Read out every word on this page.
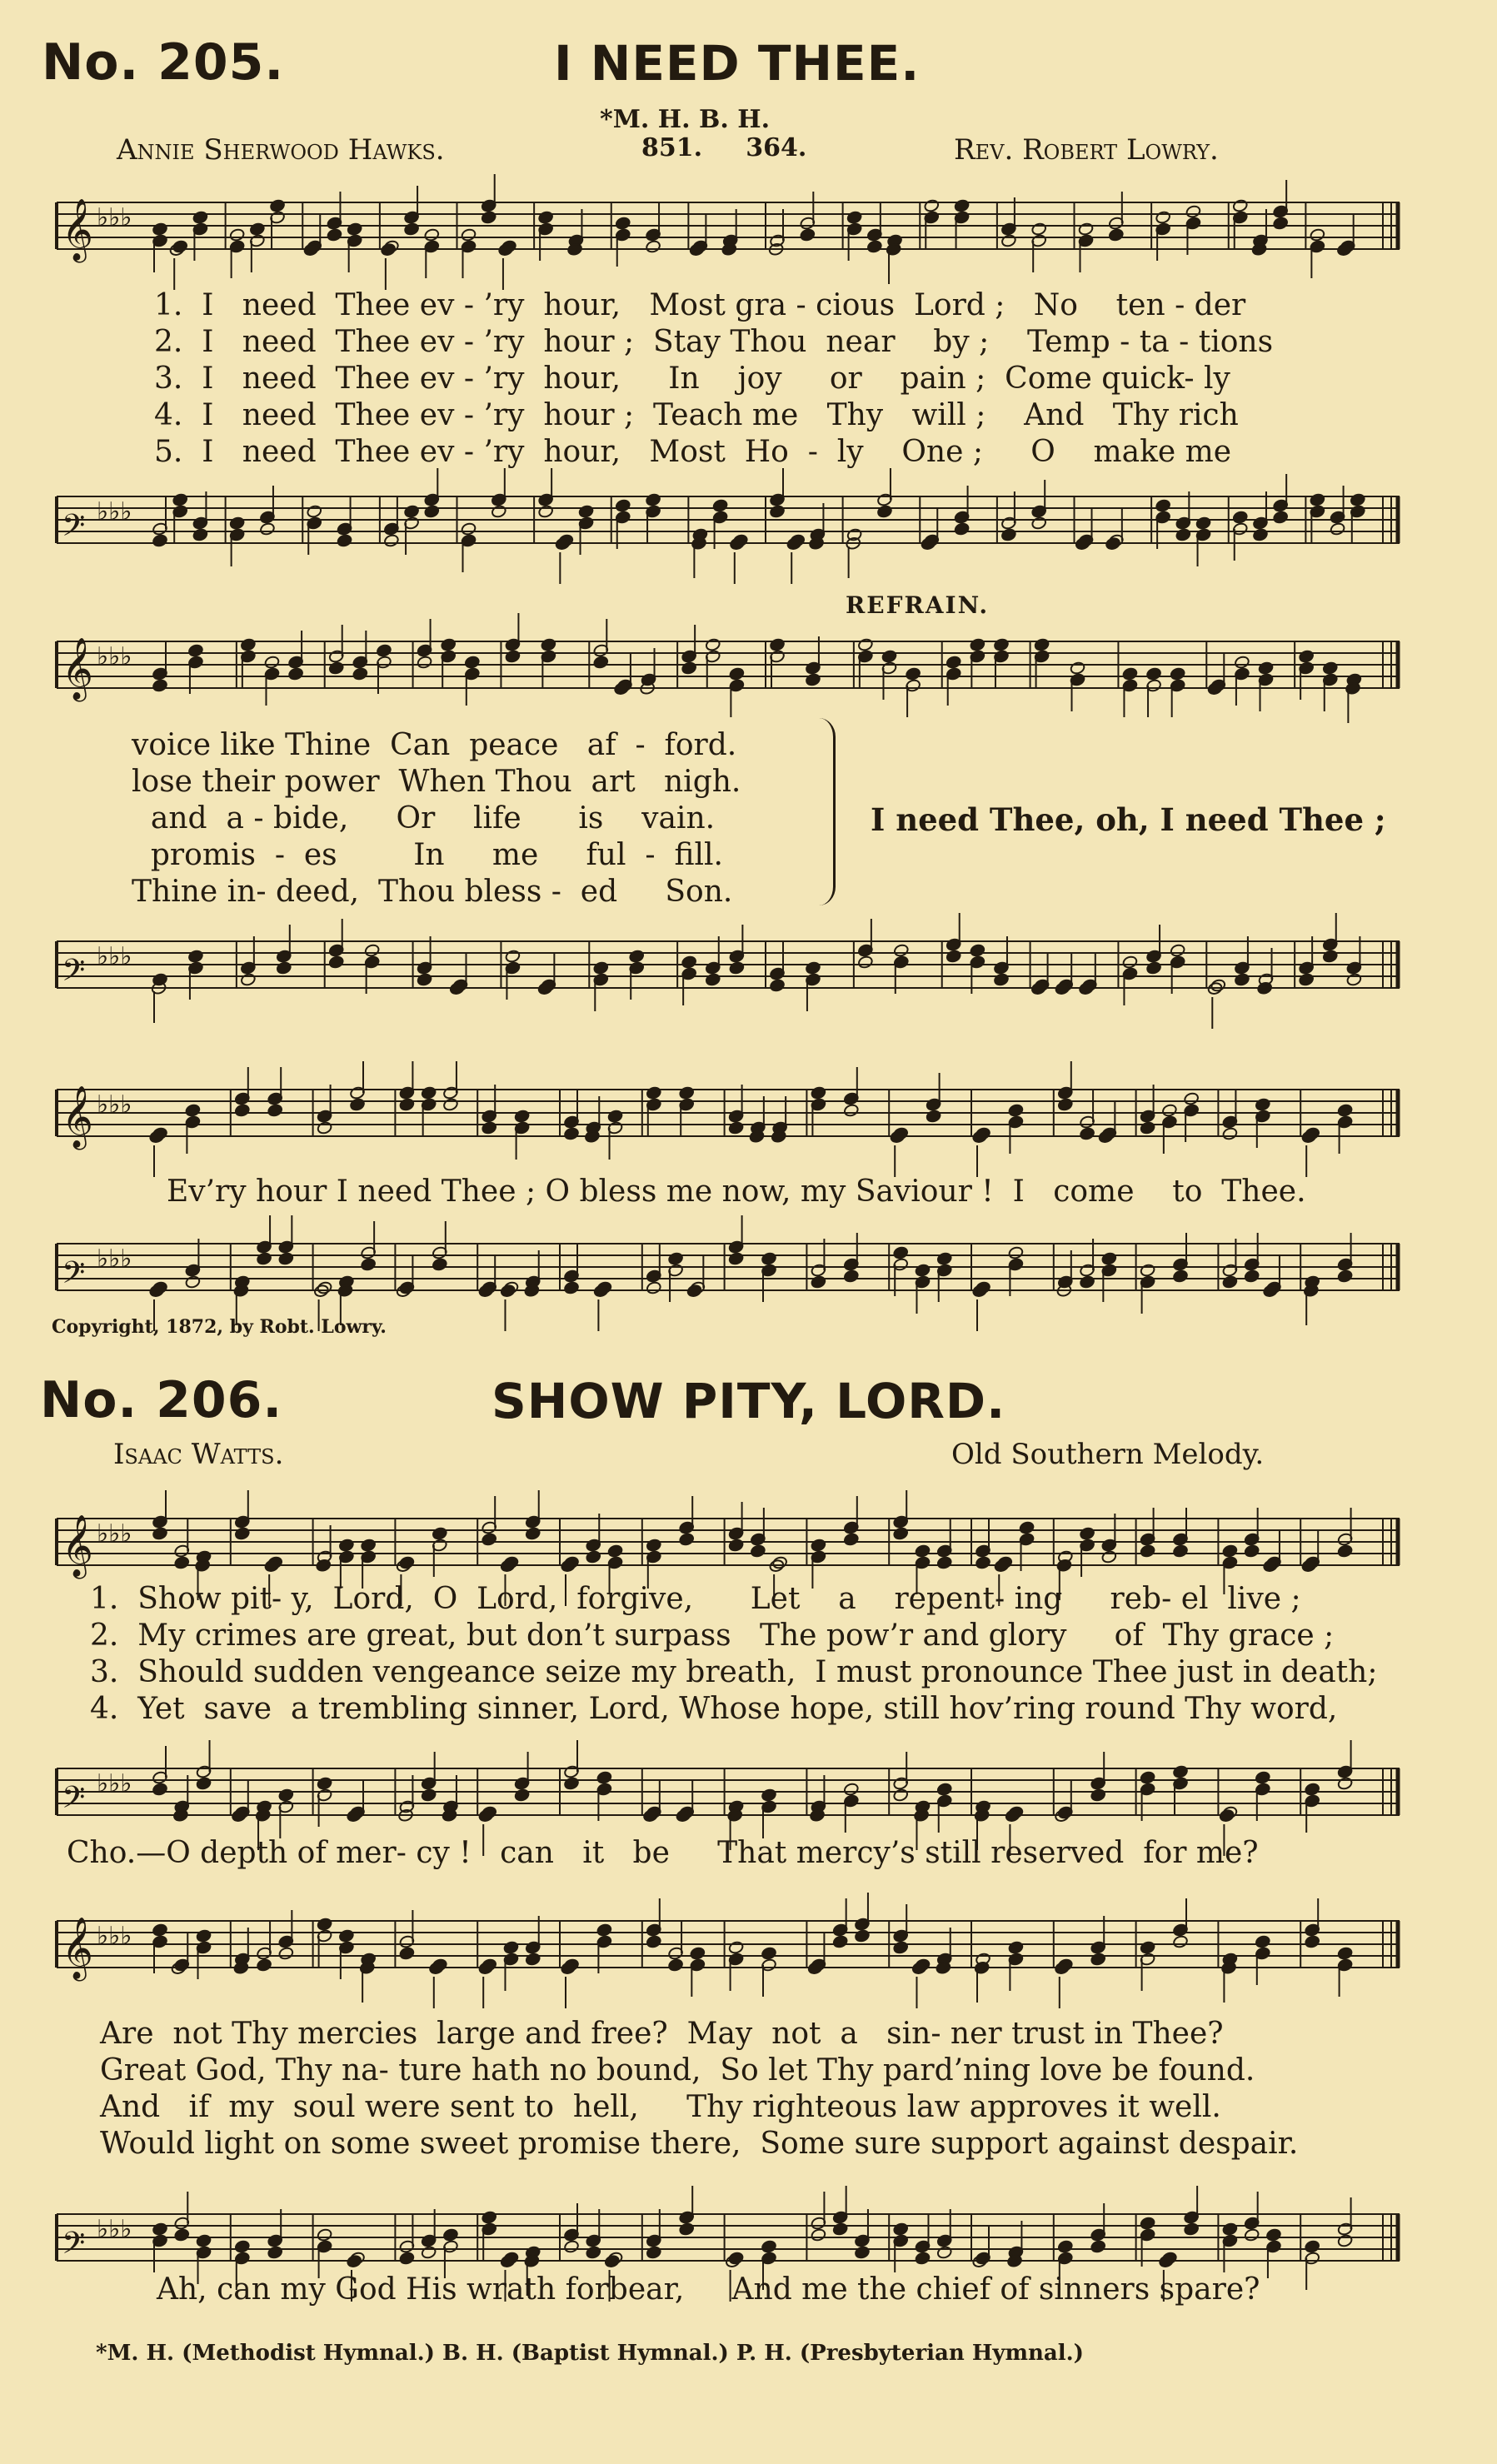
No. 205.	I NEED THEE.
*M. H. B. H.
851.     364.
Annie Sherwood Hawks.	Rev. Robert Lowry.
𝄞 ♭♭♭
1.  I   need  Thee ev - ’ry  hour,   Most gra - cious  Lord ;   No    ten - der
2.  I   need  Thee ev - ’ry  hour ;  Stay Thou  near    by ;    Temp - ta - tions
3.  I   need  Thee ev - ’ry  hour,     In    joy     or    pain ;  Come quick- ly
4.  I   need  Thee ev - ’ry  hour ;  Teach me   Thy   will ;    And   Thy rich
5.  I   need  Thee ev - ’ry  hour,   Most  Ho  -  ly    One ;     O    make me
𝄢 ♭♭♭
REFRAIN.
𝄞 ♭♭♭
voice like Thine  Can  peace   af  -  ford.
lose their power  When Thou  art   nigh.
and  a - bide,     Or    life      is    vain.
promis  -  es        In     me     ful  -  fill.
Thine in- deed,  Thou bless -  ed     Son.
I need Thee, oh, I need Thee ;
𝄢 ♭♭♭
𝄞 ♭♭♭
Ev’ry hour I need Thee ; O bless me now, my Saviour !  I   come    to  Thee.
𝄢 ♭♭♭
Copyright, 1872, by Robt. Lowry.
No. 206.	SHOW PITY, LORD.
Isaac Watts.	Old Southern Melody.
𝄞 ♭♭♭
1.  Show pit- y,  Lord,  O  Lord,  forgive,      Let    a    repent- ing     reb- el  live ;
2.  My crimes are great, but don’t surpass   The pow’r and glory     of  Thy grace ;
3.  Should sudden vengeance seize my breath,  I must pronounce Thee just in death;
4.  Yet  save  a trembling sinner, Lord, Whose hope, still hov’ring round Thy word,
𝄢 ♭♭♭
Cho.—O depth of mer- cy !   can   it   be     That mercy’s still reserved  for me?
𝄞 ♭♭♭
Are  not Thy mercies  large and free?  May  not  a   sin- ner trust in Thee?
Great God, Thy na- ture hath no bound,  So let Thy pard’ning love be found.
And   if  my  soul were sent to  hell,     Thy righteous law approves it well.
Would light on some sweet promise there,  Some sure support against despair.
𝄢 ♭♭♭
Ah, can my God His wrath forbear,     And me the chief of sinners spare?
*M. H. (Methodist Hymnal.) B. H. (Baptist Hymnal.) P. H. (Presbyterian Hymnal.)
